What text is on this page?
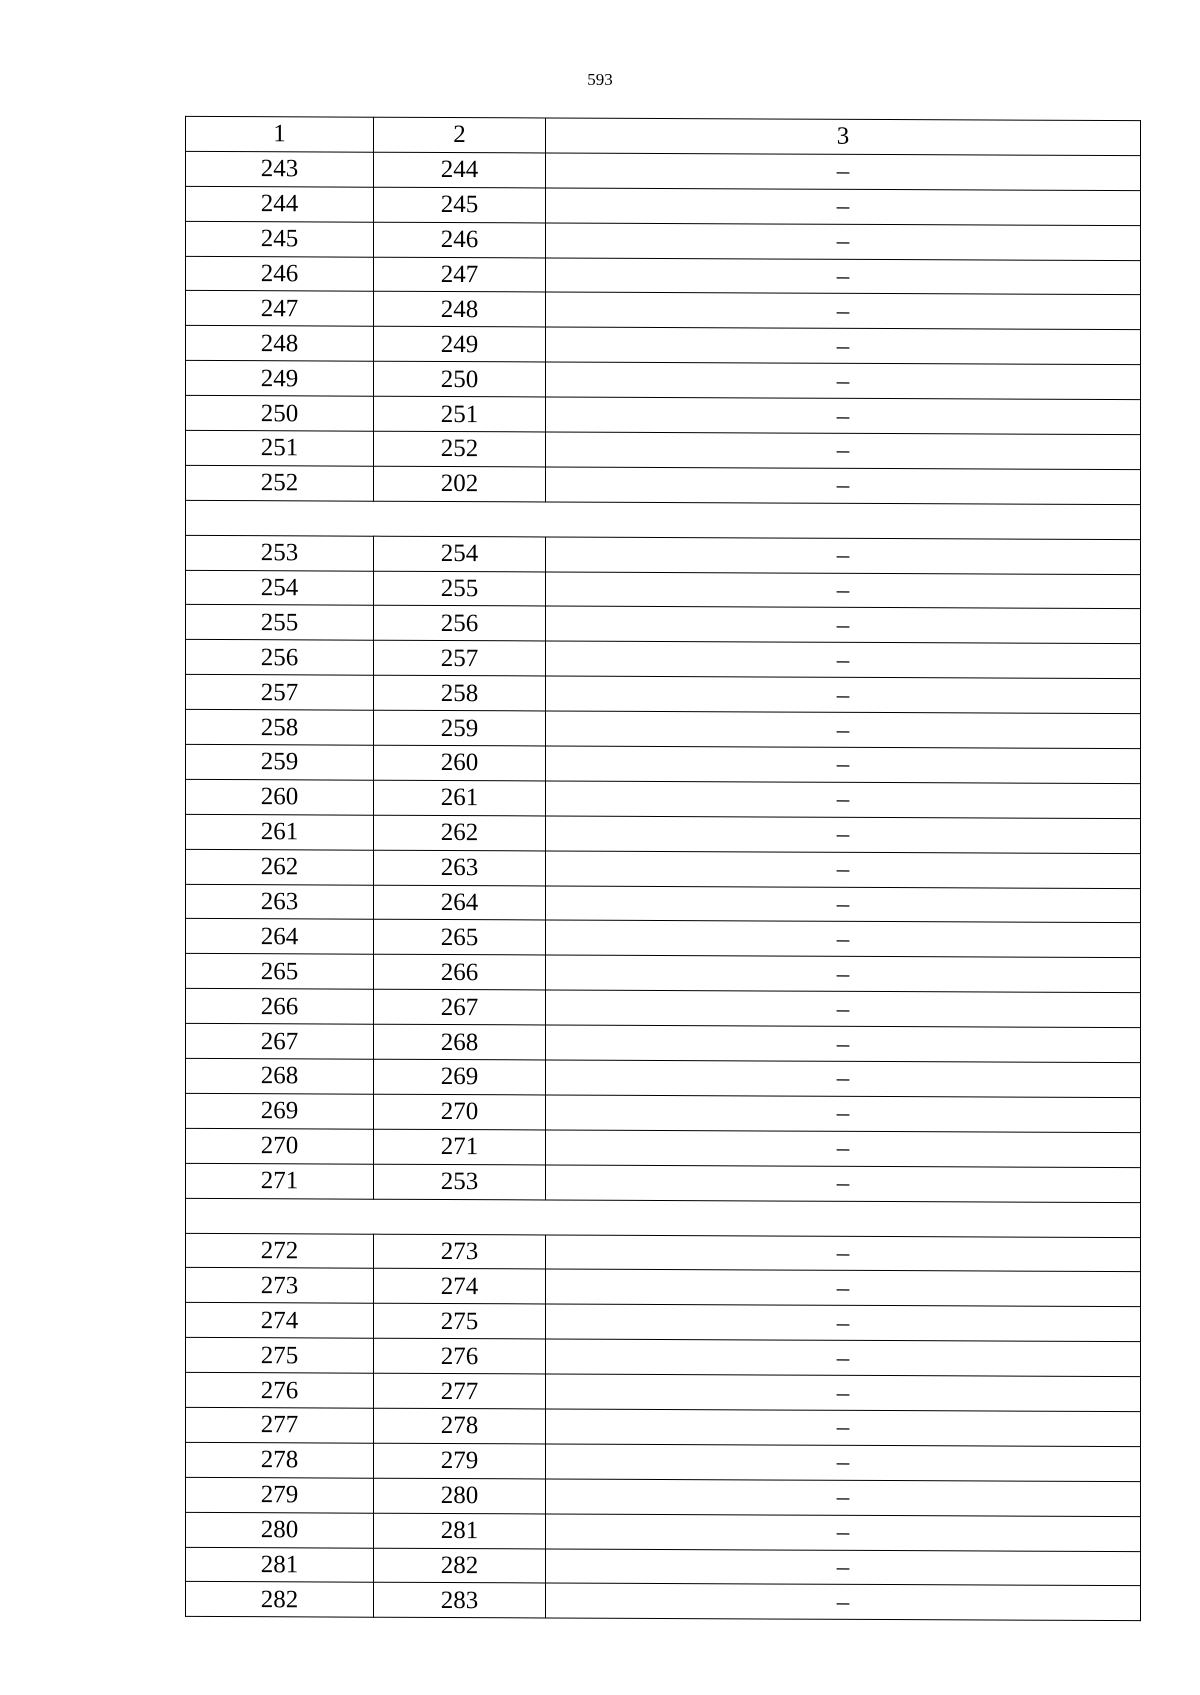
593
1	2	3
243	244	–
244	245	–
245	246	–
246	247	–
247	248	–
248	249	–
249	250	–
250	251	–
251	252	–
252	202	–

253	254	–
254	255	–
255	256	–
256	257	–
257	258	–
258	259	–
259	260	–
260	261	–
261	262	–
262	263	–
263	264	–
264	265	–
265	266	–
266	267	–
267	268	–
268	269	–
269	270	–
270	271	–
271	253	–

272	273	–
273	274	–
274	275	–
275	276	–
276	277	–
277	278	–
278	279	–
279	280	–
280	281	–
281	282	–
282	283	–
